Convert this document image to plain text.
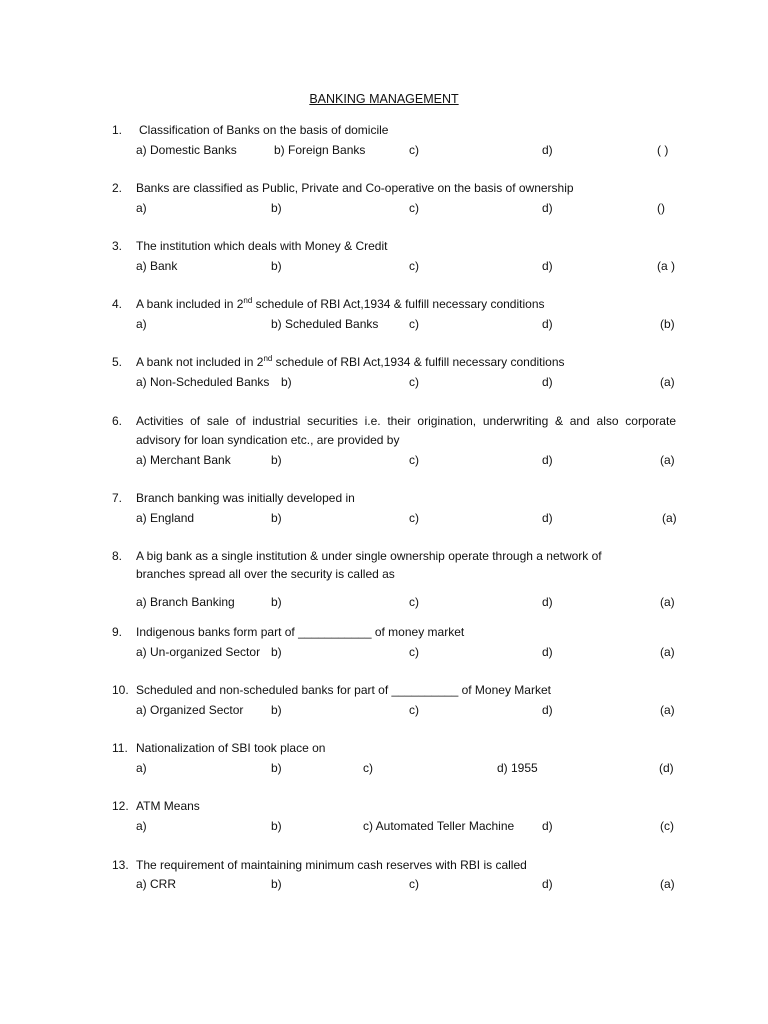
BANKING MANAGEMENT
1. Classification of Banks on the basis of domicile
a) Domestic Banks	b) Foreign Banks	c)	d)	( )
2. Banks are classified as Public, Private and Co-operative on the basis of ownership
a)	b)	c)	d)	()
3. The institution which deals with Money & Credit
a) Bank	b)	c)	d)	(a )
4. A bank included in 2nd schedule of RBI Act,1934 & fulfill necessary conditions
a)	b) Scheduled Banks	c)	d)	(b)
5. A bank not included in 2nd schedule of RBI Act,1934 & fulfill necessary conditions
a) Non-Scheduled Banks b)	c)	d)	(a)
6. Activities of sale of industrial securities i.e. their origination, underwriting & and also corporate
advisory for loan syndication etc., are provided by
a) Merchant Bank	b)	c)	d)	(a)
7. Branch banking was initially developed in
a) England	b)	c)	d)	(a)
8. A big bank as a single institution & under single ownership operate through a network of
branches spread all over the security is called as
a) Branch Banking	b)	c)	d)	(a)
9. Indigenous banks form part of ___________ of money market
a) Un-organized Sector b)	c)	d)	(a)
10. Scheduled and non-scheduled banks for part of __________ of Money Market
a) Organized Sector b)	c)	d)	(a)
11. Nationalization of SBI took place on
a)	b)	c)	d) 1955	(d)
12. ATM Means
a)	b)	c) Automated Teller Machine d)	(c)
13. The requirement of maintaining minimum cash reserves with RBI is called
a) CRR	b)	c)	d)	(a)
